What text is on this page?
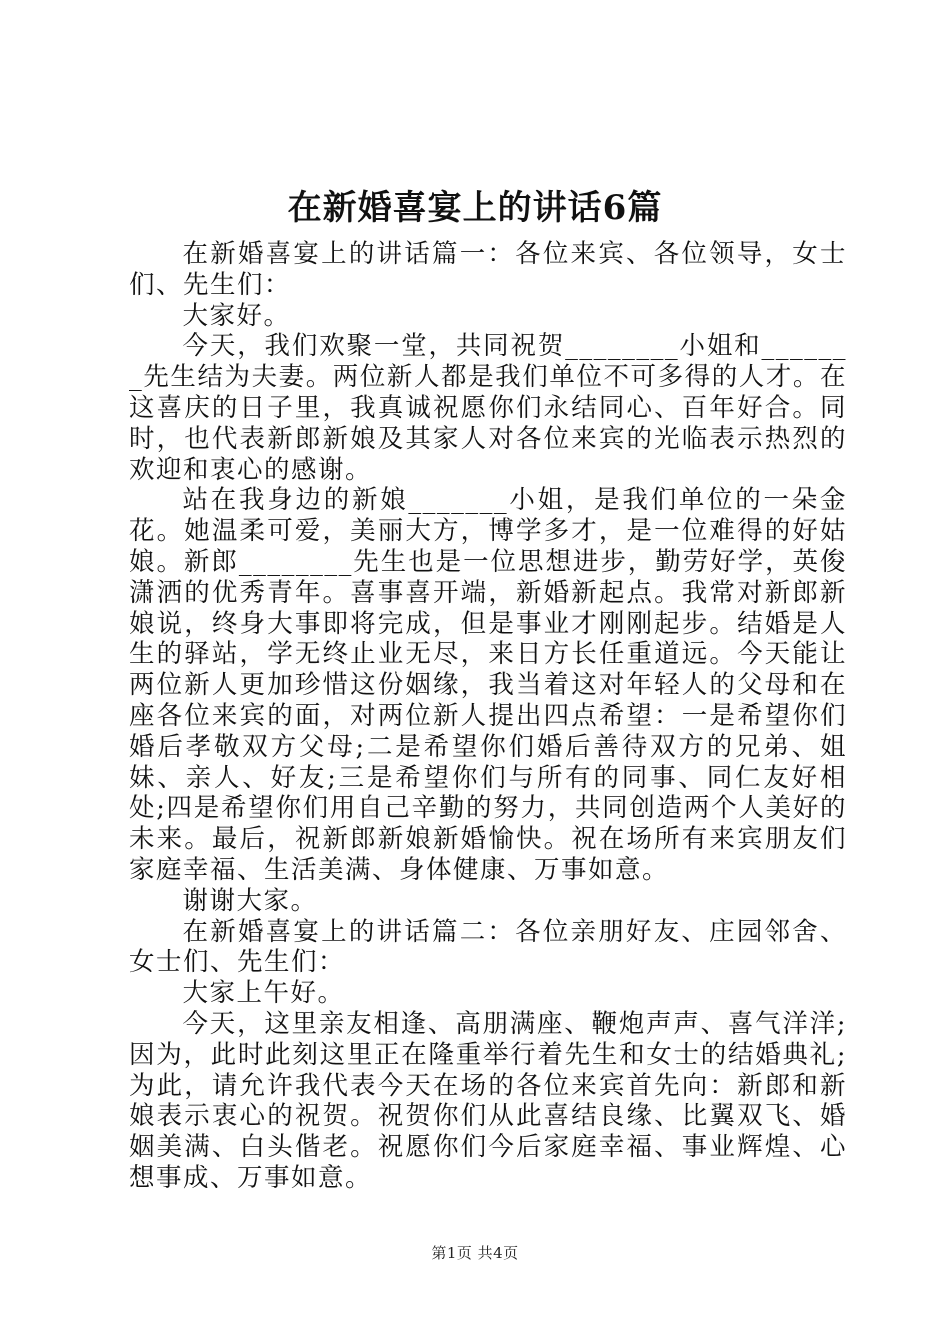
在新婚喜宴上的讲话6篇

在新婚喜宴上的讲话篇一：各位来宾、各位领导，女士们、先生们：

大家好。

今天，我们欢聚一堂，共同祝贺________小姐和_______先生结为夫妻。两位新人都是我们单位不可多得的人才。在这喜庆的日子里，我真诚祝愿你们永结同心、百年好合。同时，也代表新郎新娘及其家人对各位来宾的光临表示热烈的欢迎和衷心的感谢。

站在我身边的新娘_______小姐，是我们单位的一朵金花。她温柔可爱，美丽大方，博学多才，是一位难得的好姑娘。新郎________先生也是一位思想进步，勤劳好学，英俊潇洒的优秀青年。喜事喜开端，新婚新起点。我常对新郎新娘说，终身大事即将完成，但是事业才刚刚起步。结婚是人生的驿站，学无终止业无尽，来日方长任重道远。今天能让两位新人更加珍惜这份姻缘，我当着这对年轻人的父母和在座各位来宾的面，对两位新人提出四点希望：一是希望你们婚后孝敬双方父母;二是希望你们婚后善待双方的兄弟、姐妹、亲人、好友;三是希望你们与所有的同事、同仁友好相处;四是希望你们用自己辛勤的努力，共同创造两个人美好的未来。最后，祝新郎新娘新婚愉快。祝在场所有来宾朋友们家庭幸福、生活美满、身体健康、万事如意。

谢谢大家。

在新婚喜宴上的讲话篇二：各位亲朋好友、庄园邻舍、女士们、先生们：

大家上午好。

今天，这里亲友相逢、高朋满座、鞭炮声声、喜气洋洋;因为，此时此刻这里正在隆重举行着先生和女士的结婚典礼;为此，请允许我代表今天在场的各位来宾首先向：新郎和新娘表示衷心的祝贺。祝贺你们从此喜结良缘、比翼双飞、婚姻美满、白头偕老。祝愿你们今后家庭幸福、事业辉煌、心想事成、万事如意。

第1页 共4页
